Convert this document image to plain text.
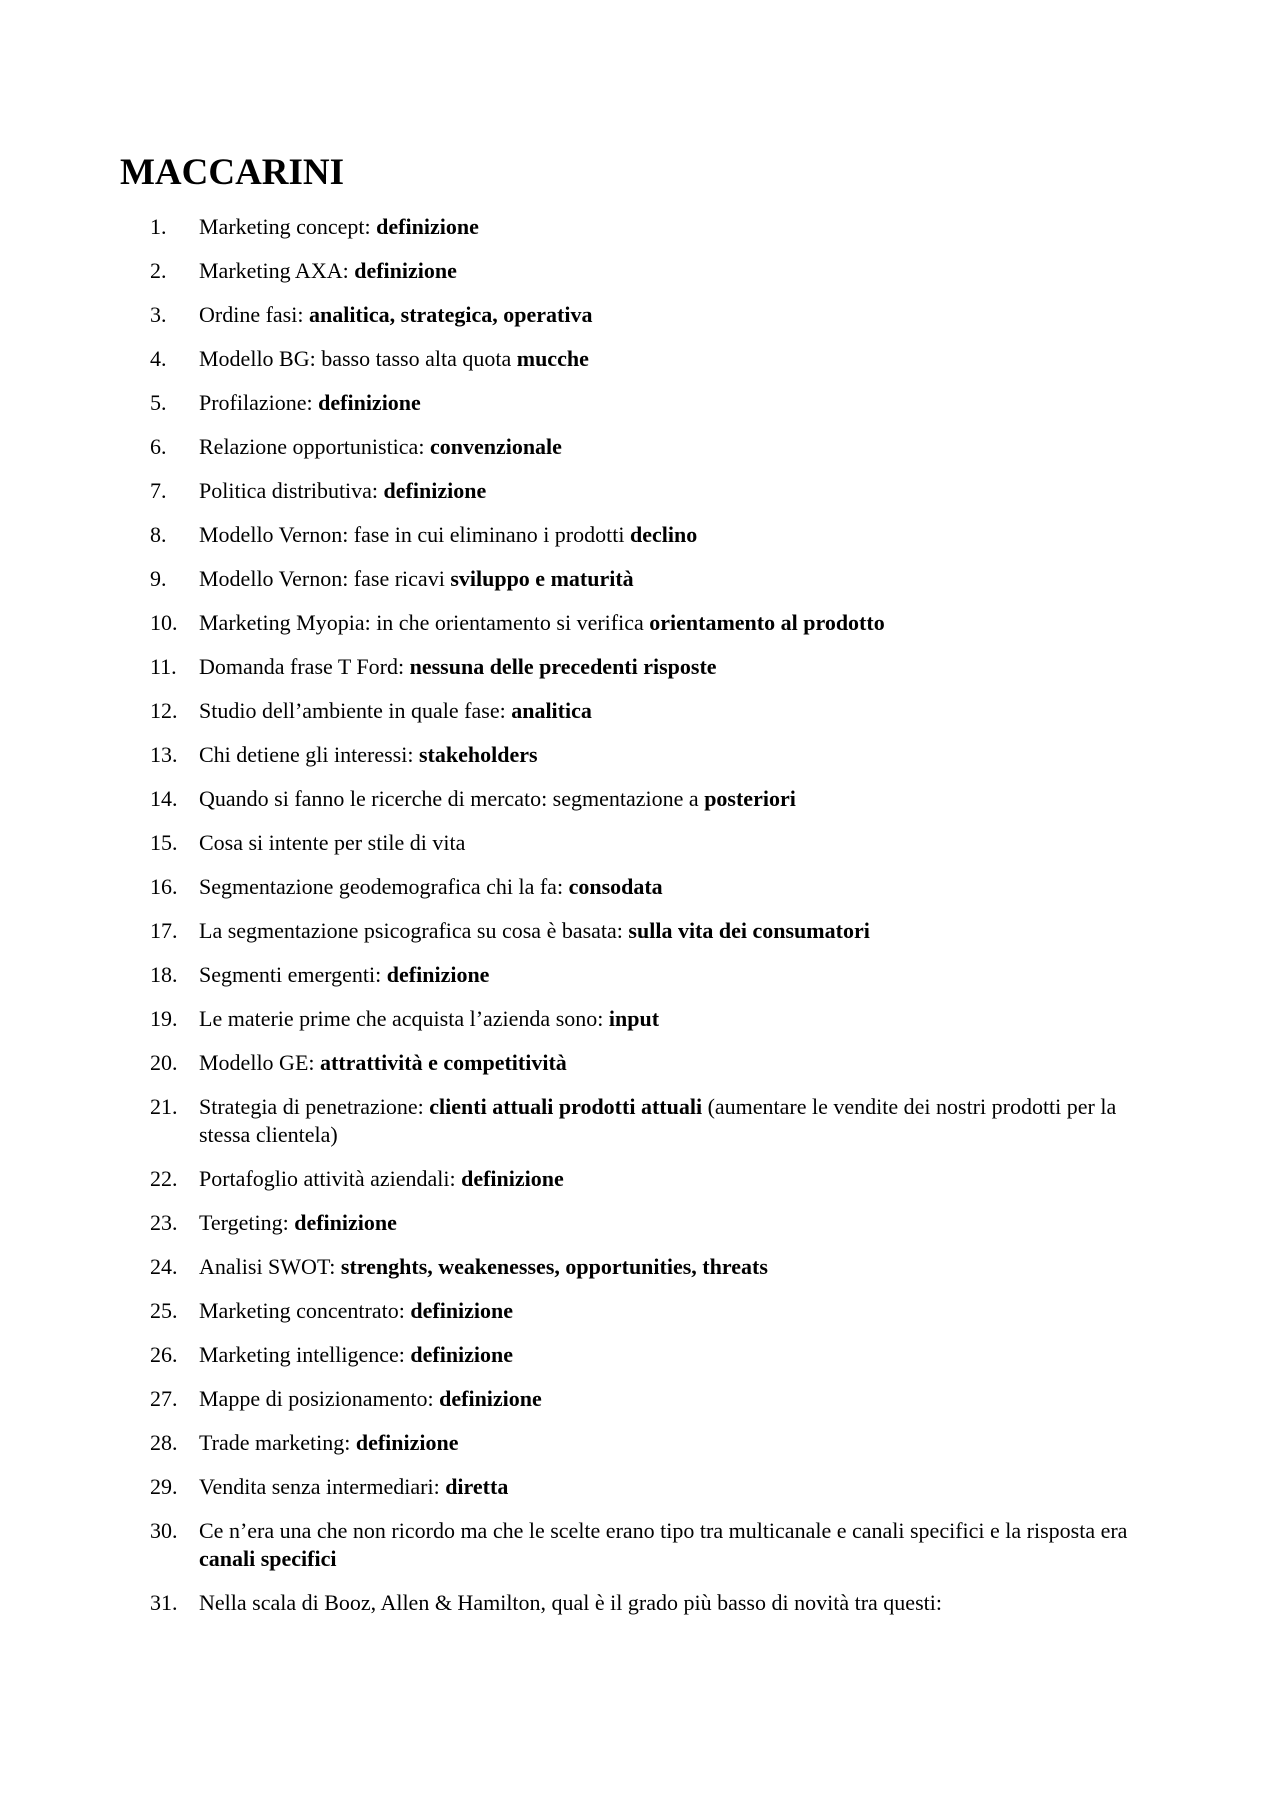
MACCARINI
1.	Marketing concept: definizione
2.	Marketing AXA: definizione
3.	Ordine fasi: analitica, strategica, operativa
4.	Modello BG: basso tasso alta quota mucche
5.	Profilazione: definizione
6.	Relazione opportunistica: convenzionale
7.	Politica distributiva: definizione
8.	Modello Vernon: fase in cui eliminano i prodotti declino
9.	Modello Vernon: fase ricavi sviluppo e maturità
10. Marketing Myopia: in che orientamento si verifica orientamento al prodotto
11.	Domanda frase T Ford: nessuna delle precedenti risposte
12. Studio dell’ambiente in quale fase: analitica
13. Chi detiene gli interessi: stakeholders
14. Quando si fanno le ricerche di mercato: segmentazione a posteriori
15. Cosa si intente per stile di vita
16. Segmentazione geodemografica chi la fa: consodata
17. La segmentazione psicografica su cosa è basata: sulla vita dei consumatori
18. Segmenti emergenti: definizione
19. Le materie prime che acquista l’azienda sono: input
20. Modello GE: attrattività e competitività
21. Strategia di penetrazione: clienti attuali prodotti attuali (aumentare le vendite dei nostri prodotti per la stessa clientela)
22. Portafoglio attività aziendali: definizione
23. Tergeting: definizione
24. Analisi SWOT: strenghts, weakenesses, opportunities, threats
25. Marketing concentrato: definizione
26. Marketing intelligence: definizione
27. Mappe di posizionamento: definizione
28. Trade marketing: definizione
29. Vendita senza intermediari: diretta
30. Ce n’era una che non ricordo ma che le scelte erano tipo tra multicanale e canali specifici e la risposta era canali specifici
31. Nella scala di Booz, Allen & Hamilton, qual è il grado più basso di novità tra questi:
